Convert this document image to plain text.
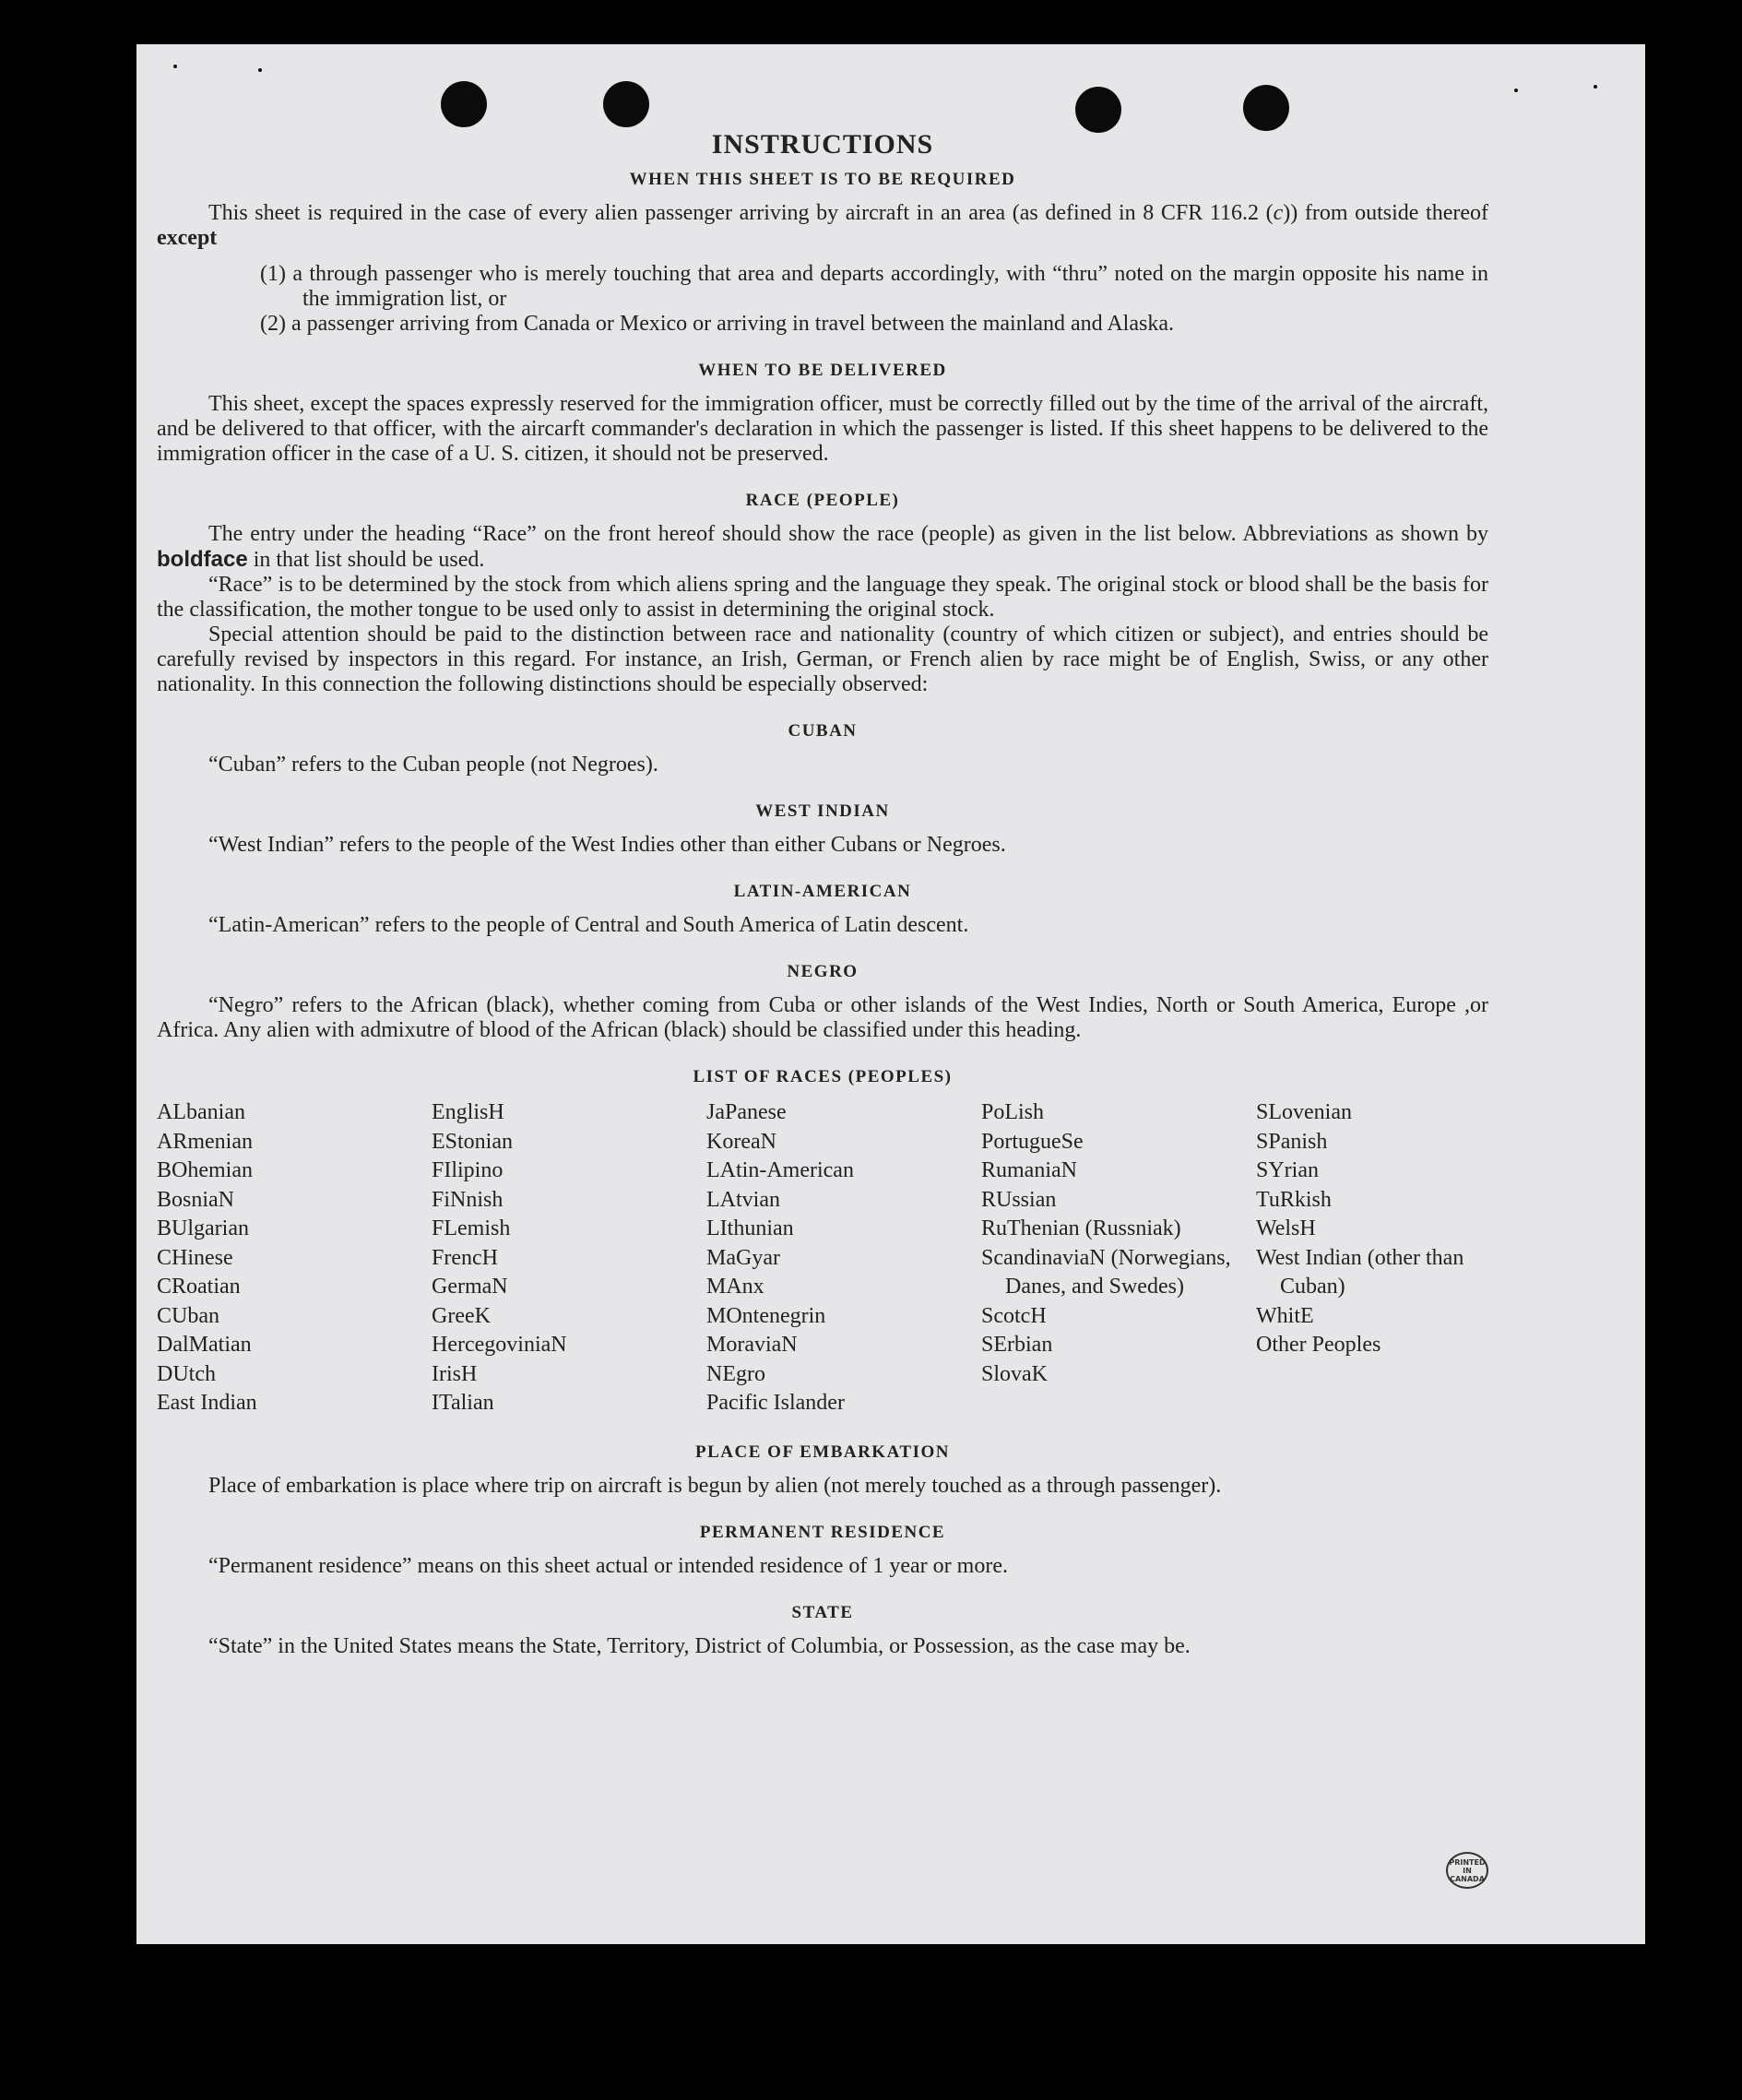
INSTRUCTIONS
WHEN THIS SHEET IS TO BE REQUIRED

This sheet is required in the case of every alien passenger arriving by aircraft in an area (as defined in 8 CFR 116.2 (c)) from outside thereof except

(1) a through passenger who is merely touching that area and departs accordingly, with “thru” noted on the margin opposite his name in the immigration list, or
(2) a passenger arriving from Canada or Mexico or arriving in travel between the mainland and Alaska.
WHEN TO BE DELIVERED

This sheet, except the spaces expressly reserved for the immigration officer, must be correctly filled out by the time of the arrival of the aircraft, and be delivered to that officer, with the aircarft commander's declaration in which the passenger is listed. If this sheet happens to be delivered to the immigration officer in the case of a U. S. citizen, it should not be preserved.

RACE (PEOPLE)

The entry under the heading “Race” on the front hereof should show the race (people) as given in the list below. Abbreviations as shown by boldface in that list should be used.

“Race” is to be determined by the stock from which aliens spring and the language they speak. The original stock or blood shall be the basis for the classification, the mother tongue to be used only to assist in determining the original stock.

Special attention should be paid to the distinction between race and nationality (country of which citizen or subject), and entries should be carefully revised by inspectors in this regard. For instance, an Irish, German, or French alien by race might be of English, Swiss, or any other nationality. In this connection the following distinctions should be especially observed:

CUBAN

“Cuban” refers to the Cuban people (not Negroes).

WEST INDIAN

“West Indian” refers to the people of the West Indies other than either Cubans or Negroes.

LATIN-AMERICAN

“Latin-American” refers to the people of Central and South America of Latin descent.

NEGRO

“Negro” refers to the African (black), whether coming from Cuba or other islands of the West Indies, North or South America, Europe ,or Africa. Any alien with admixutre of blood of the African (black) should be classified under this heading.

LIST OF RACES (PEOPLES)
ALbanian
ARmenian
BOhemian
BosniaN
BUlgarian
CHinese
CRoatian
CUban
DalMatian
DUtch
East Indian
EnglisH
EStonian
FIlipino
FiNnish
FLemish
FrencH
GermaN
GreeK
HercegoviniaN
IrisH
ITalian
JaPanese
KoreaN
LAtin-American
LAtvian
LIthunian
MaGyar
MAnx
MOntenegrin
MoraviaN
NEgro
Pacific Islander
PoLish
PortugueSe
RumaniaN
RUssian
RuThenian (Russniak)
ScandinaviaN (Norwegians, Danes, and Swedes)
ScotcH
SErbian
SlovaK
SLovenian
SPanish
SYrian
TuRkish
WelsH
West Indian (other than Cuban)
WhitE
Other Peoples
PLACE OF EMBARKATION

Place of embarkation is place where trip on aircraft is begun by alien (not merely touched as a through passenger).

PERMANENT RESIDENCE

“Permanent residence” means on this sheet actual or intended residence of 1 year or more.

STATE

“State” in the United States means the State, Territory, District of Columbia, or Possession, as the case may be.

PRINTED IN CANADA
